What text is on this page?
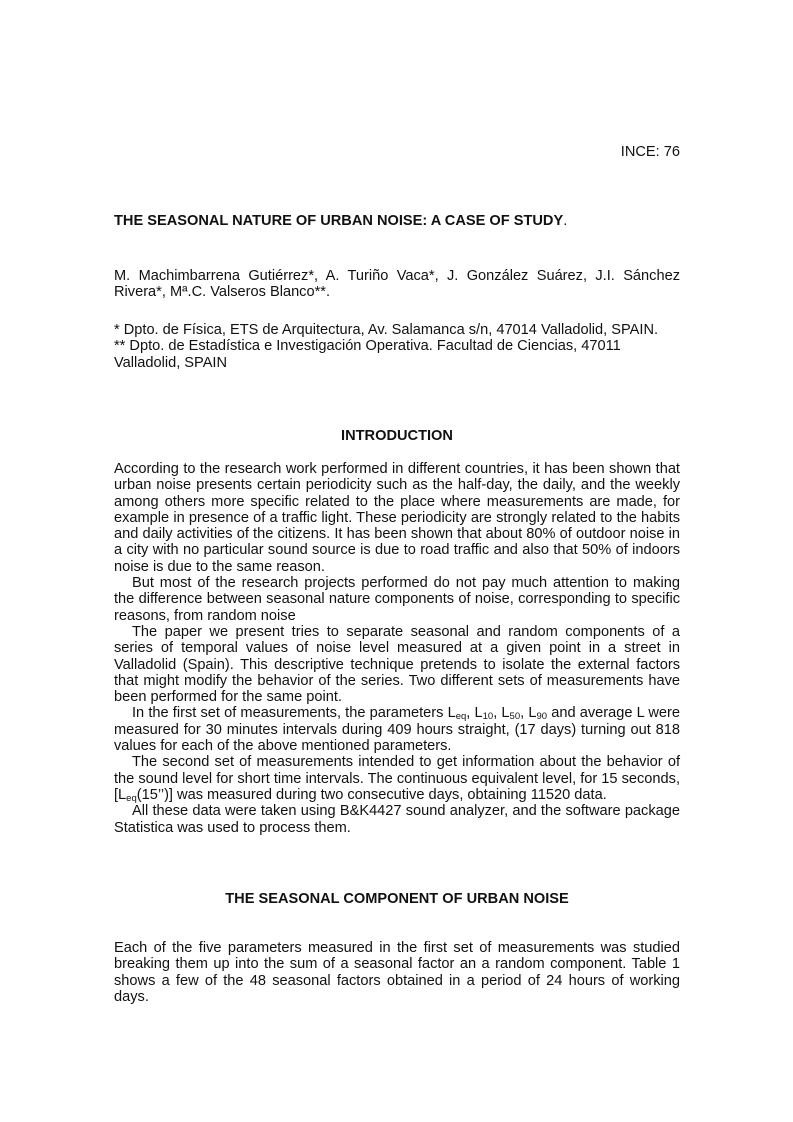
INCE: 76
THE SEASONAL NATURE OF URBAN NOISE: A CASE OF STUDY.
M. Machimbarrena Gutiérrez*, A. Turiño Vaca*, J. González Suárez, J.I. Sánchez Rivera*, Mª.C. Valseros Blanco**.

* Dpto. de Física, ETS de Arquitectura, Av. Salamanca s/n, 47014 Valladolid, SPAIN.

** Dpto. de Estadística e Investigación Operativa. Facultad de Ciencias, 47011 Valladolid, SPAIN

INTRODUCTION

According to the research work performed in different countries, it has been shown that urban noise presents certain periodicity such as the half-day, the daily, and the weekly among others more specific related to the place where measurements are made, for example in presence of a traffic light. These periodicity are strongly related to the habits and daily activities of the citizens. It has been shown that about 80% of outdoor noise in a city with no particular sound source is due to road traffic and also that 50% of indoors noise is due to the same reason.

But most of the research projects performed do not pay much attention to making the difference between seasonal nature components of noise, corresponding to specific reasons, from random noise

The paper we present tries to separate seasonal and random components of a series of temporal values of noise level measured at a given point in a street in Valladolid (Spain). This descriptive technique pretends to isolate the external factors that might modify the behavior of the series. Two different sets of measurements have been performed for the same point.

In the first set of measurements, the parameters $L_{eq}$, $L_{10}$, $L_{50}$, $L_{90}$ and average L were measured for 30 minutes intervals during 409 hours straight, (17 days) turning out 818 values for each of the above mentioned parameters.

The second set of measurements intended to get information about the behavior of the sound level for short time intervals. The continuous equivalent level, for 15 seconds, $[L_{eq}(15’’)]$ was measured during two consecutive days, obtaining 11520 data.

All these data were taken using B&K4427 sound analyzer, and the software package Statistica was used to process them.

THE SEASONAL COMPONENT OF URBAN NOISE

Each of the five parameters measured in the first set of measurements was studied breaking them up into the sum of a seasonal factor an a random component. Table 1 shows a few of the 48 seasonal factors obtained in a period of 24 hours of working days.
